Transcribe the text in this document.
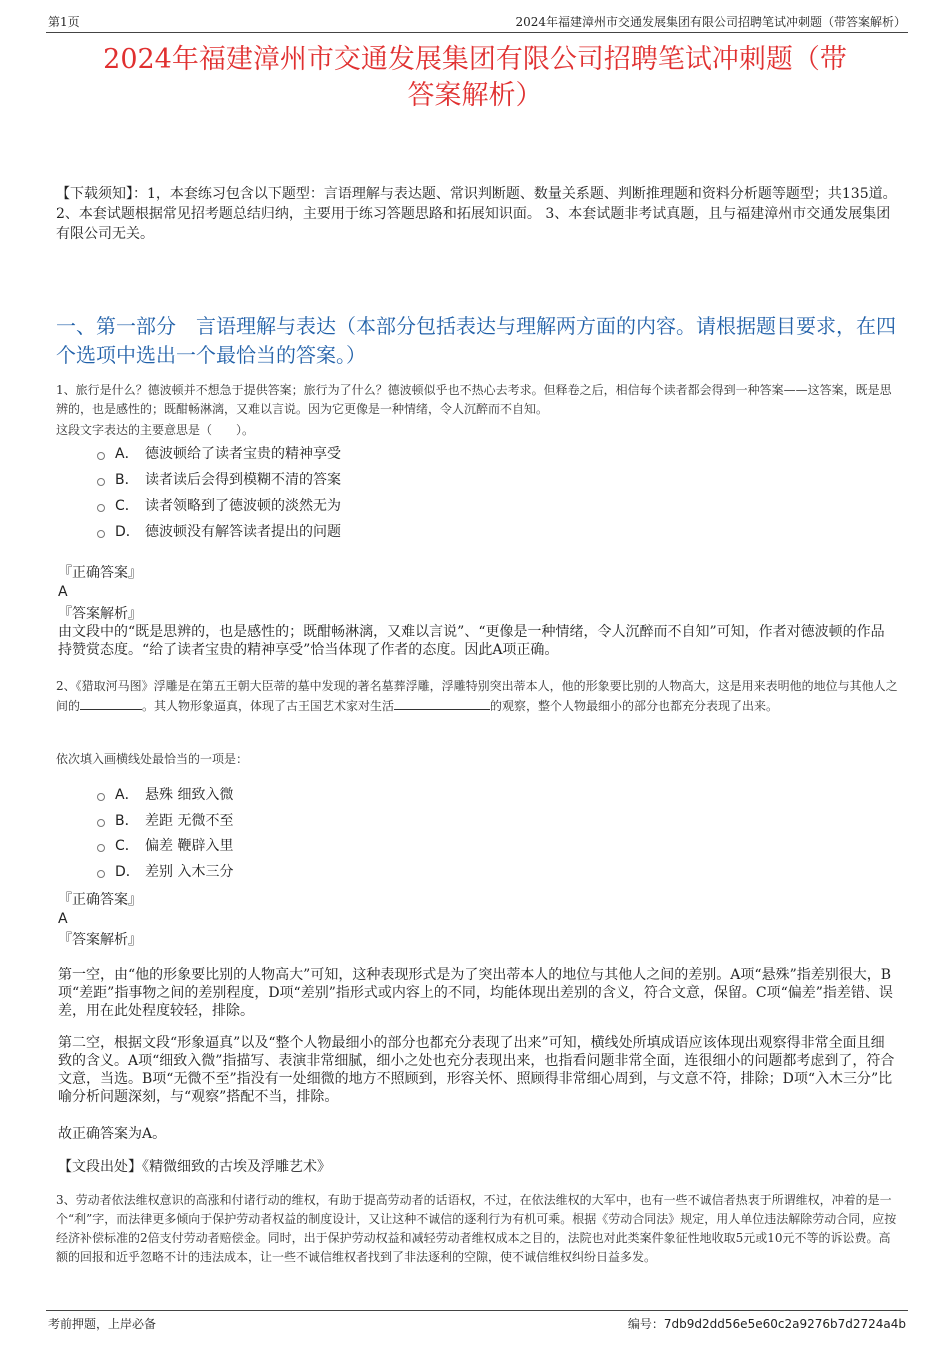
第1页	2024年福建漳州市交通发展集团有限公司招聘笔试冲刺题（带答案解析）
2024年福建漳州市交通发展集团有限公司招聘笔试冲刺题（带
答案解析）
【下载须知】：1，本套练习包含以下题型：言语理解与表达题、常识判断题、数量关系题、判断推理题和资料分析题等题型；共135道。 2、本套试题根据常见招考题总结归纳，主要用于练习答题思路和拓展知识面。 3、本套试题非考试真题，且与福建漳州市交通发展集团有限公司无关。
一、第一部分　言语理解与表达（本部分包括表达与理解两方面的内容。请根据题目要求，在四个选项中选出一个最恰当的答案。）
1、旅行是什么？德波顿并不想急于提供答案；旅行为了什么？德波顿似乎也不热心去考求。但释卷之后，相信每个读者都会得到一种答案——这答案，既是思辨的，也是感性的；既酣畅淋漓，又难以言说。因为它更像是一种情绪，令人沉醉而不自知。
这段文字表达的主要意思是（　　）。
A． 德波顿给了读者宝贵的精神享受
B． 读者读后会得到模糊不清的答案
C． 读者领略到了德波顿的淡然无为
D． 德波顿没有解答读者提出的问题
『正确答案』
A
『答案解析』
由文段中的“既是思辨的，也是感性的；既酣畅淋漓，又难以言说”、“更像是一种情绪，令人沉醉而不自知”可知，作者对德波顿的作品持赞赏态度。“给了读者宝贵的精神享受”恰当体现了作者的态度。因此A项正确。
2、《猎取河马图》浮雕是在第五王朝大臣蒂的墓中发现的著名墓葬浮雕，浮雕特别突出蒂本人，他的形象要比别的人物高大，这是用来表明他的地位与其他人之间的	。其人物形象逼真，体现了古王国艺术家对生活	的观察，整个人物最细小的部分也都充分表现了出来。
依次填入画横线处最恰当的一项是：
A． 悬殊 细致入微
B． 差距 无微不至
C． 偏差 鞭辟入里
D． 差别 入木三分
『正确答案』
A
『答案解析』
第一空，由“他的形象要比别的人物高大”可知，这种表现形式是为了突出蒂本人的地位与其他人之间的差别。A项“悬殊”指差别很大，B项“差距”指事物之间的差别程度，D项“差别”指形式或内容上的不同，均能体现出差别的含义，符合文意，保留。C项“偏差”指差错、误差，用在此处程度较轻，排除。
第二空，根据文段“形象逼真”以及“整个人物最细小的部分也都充分表现了出来”可知，横线处所填成语应该体现出观察得非常全面且细致的含义。A项“细致入微”指描写、表演非常细腻，细小之处也充分表现出来，也指看问题非常全面，连很细小的问题都考虑到了，符合文意，当选。B项“无微不至”指没有一处细微的地方不照顾到，形容关怀、照顾得非常细心周到，与文意不符，排除；D项“入木三分”比喻分析问题深刻，与“观察”搭配不当，排除。
故正确答案为A。
【文段出处】《精微细致的古埃及浮雕艺术》
3、劳动者依法维权意识的高涨和付诸行动的维权，有助于提高劳动者的话语权，不过，在依法维权的大军中，也有一些不诚信者热衷于所谓维权，冲着的是一个“利”字，而法律更多倾向于保护劳动者权益的制度设计，又让这种不诚信的逐利行为有机可乘。根据《劳动合同法》规定，用人单位违法解除劳动合同，应按经济补偿标准的2倍支付劳动者赔偿金。同时，出于保护劳动权益和减轻劳动者维权成本之目的，法院也对此类案件象征性地收取5元或10元不等的诉讼费。高额的回报和近乎忽略不计的违法成本，让一些不诚信维权者找到了非法逐利的空隙，使不诚信维权纠纷日益多发。
考前押题，上岸必备	编号：7db9d2dd56e5e60c2a9276b7d2724a4b
